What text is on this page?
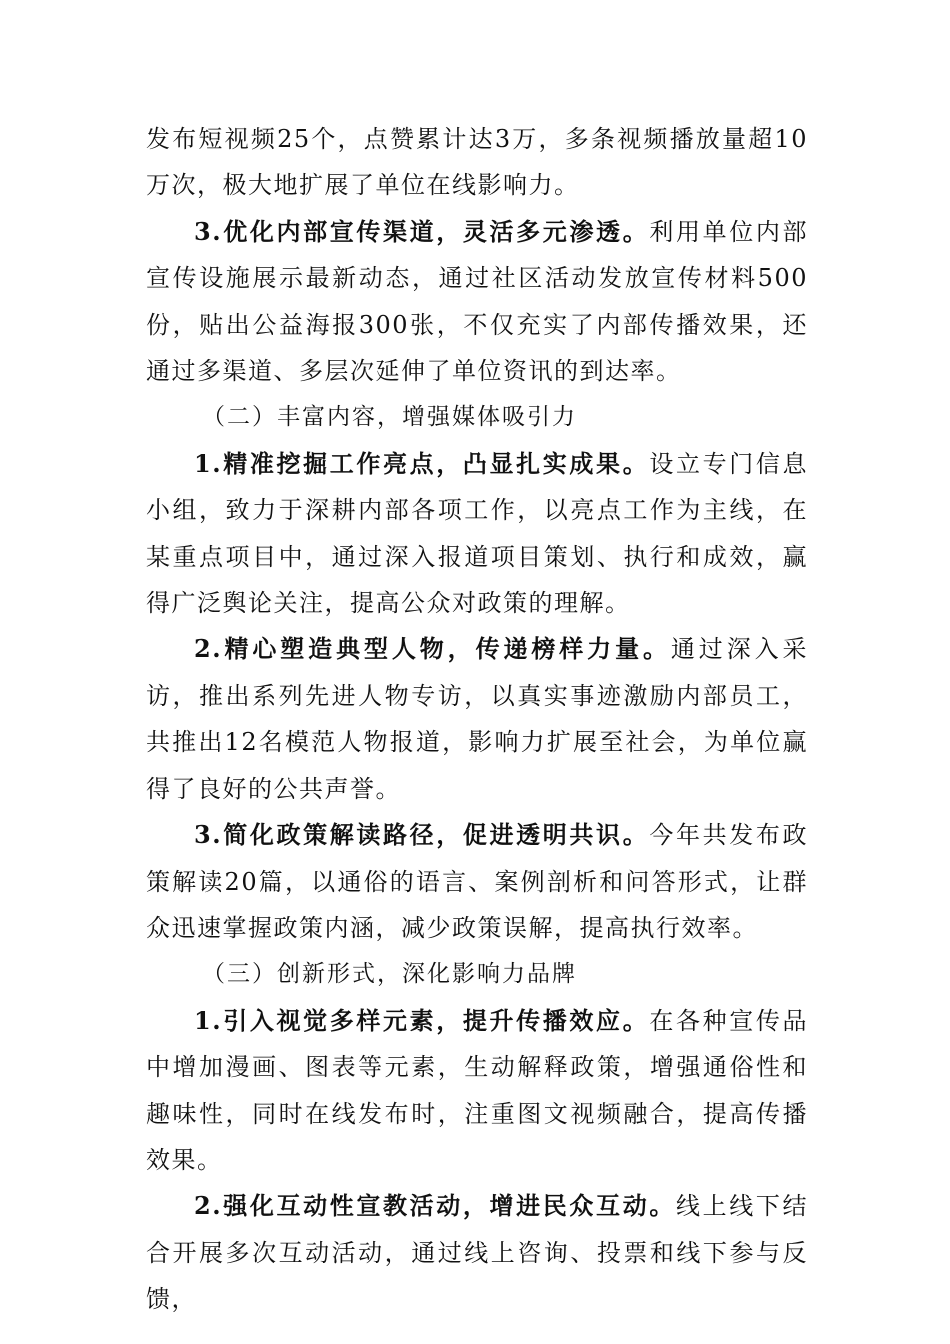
发布短视频25个，点赞累计达3万，多条视频播放量超10万次，极大地扩展了单位在线影响力。

3.优化内部宣传渠道，灵活多元渗透。利用单位内部宣传设施展示最新动态，通过社区活动发放宣传材料500份，贴出公益海报300张，不仅充实了内部传播效果，还通过多渠道、多层次延伸了单位资讯的到达率。

（二）丰富内容，增强媒体吸引力

1.精准挖掘工作亮点，凸显扎实成果。设立专门信息小组，致力于深耕内部各项工作，以亮点工作为主线，在某重点项目中，通过深入报道项目策划、执行和成效，赢得广泛舆论关注，提高公众对政策的理解。

2.精心塑造典型人物，传递榜样力量。通过深入采访，推出系列先进人物专访，以真实事迹激励内部员工，共推出12名模范人物报道，影响力扩展至社会，为单位赢得了良好的公共声誉。

3.简化政策解读路径，促进透明共识。今年共发布政策解读20篇，以通俗的语言、案例剖析和问答形式，让群众迅速掌握政策内涵，减少政策误解，提高执行效率。

（三）创新形式，深化影响力品牌

1.引入视觉多样元素，提升传播效应。在各种宣传品中增加漫画、图表等元素，生动解释政策，增强通俗性和趣味性，同时在线发布时，注重图文视频融合，提高传播效果。

2.强化互动性宣教活动，增进民众互动。线上线下结合开展多次互动活动，通过线上咨询、投票和线下参与反馈，
